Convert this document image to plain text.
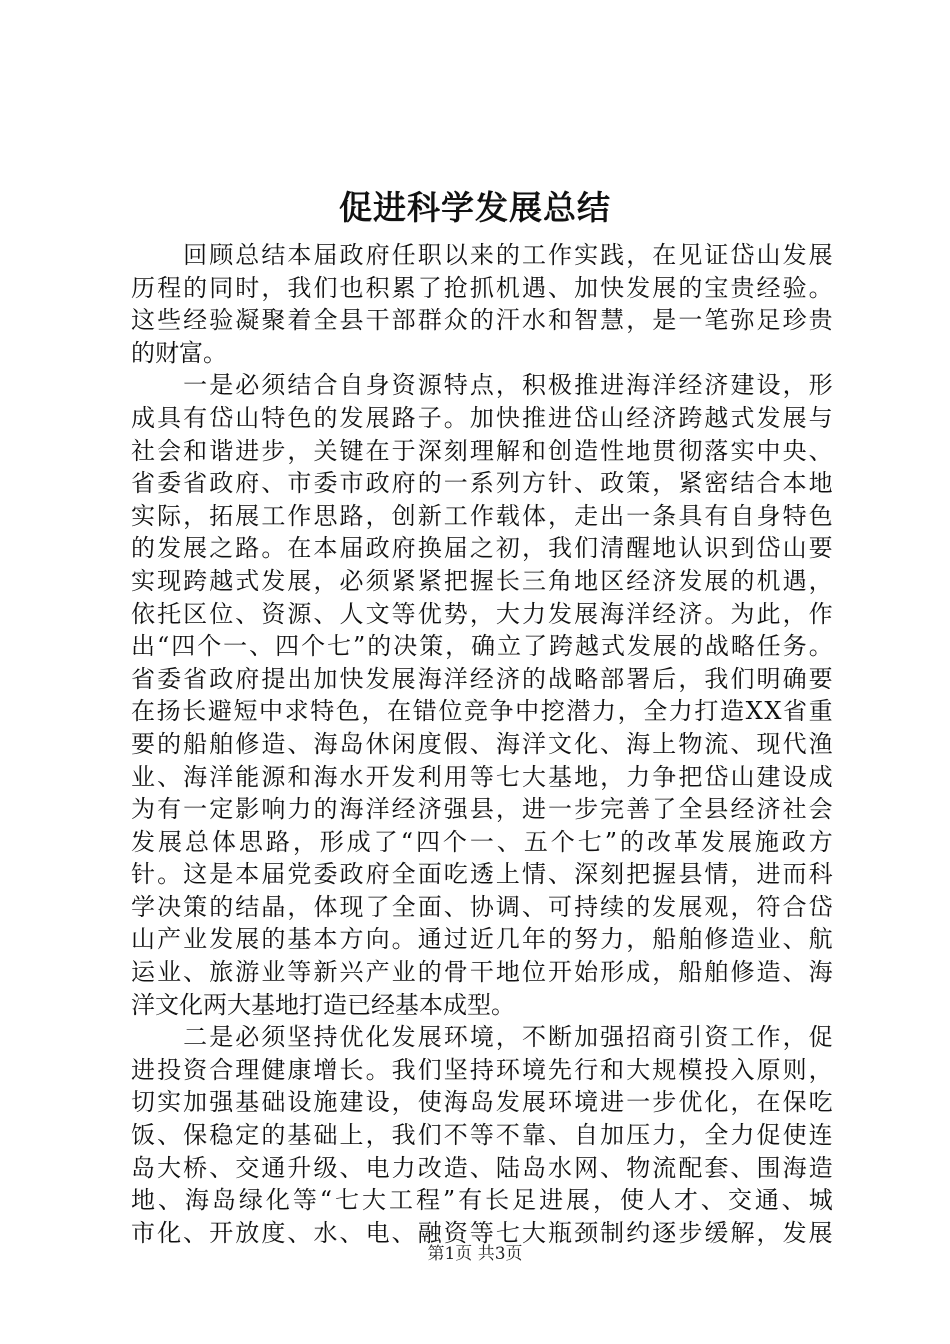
促进科学发展总结

回 顾 总 结 本 届 政 府 任 职 以 来 的 工 作 实 践 ， 在 见 证 岱 山 发 展
历 程 的 同 时 ， 我 们 也 积 累 了 抢 抓 机 遇 、 加 快 发 展 的 宝 贵 经 验 。
这 些 经 验 凝 聚 着 全 县 干 部 群 众 的 汗 水 和 智 慧 ， 是 一 笔 弥 足 珍 贵
的 财 富 。

一 是 必 须 结 合 自 身 资 源 特 点 ， 积 极 推 进 海 洋 经 济 建 设 ， 形
成 具 有 岱 山 特 色 的 发 展 路 子 。 加 快 推 进 岱 山 经 济 跨 越 式 发 展 与
社 会 和 谐 进 步 ， 关 键 在 于 深 刻 理 解 和 创 造 性 地 贯 彻 落 实 中 央 、
省 委 省 政 府 、 市 委 市 政 府 的 一 系 列 方 针 、 政 策 ， 紧 密 结 合 本 地
实 际 ， 拓 展 工 作 思 路 ， 创 新 工 作 载 体 ， 走 出 一 条 具 有 自 身 特 色
的 发 展 之 路 。 在 本 届 政 府 换 届 之 初 ， 我 们 清 醒 地 认 识 到 岱 山 要
实 现 跨 越 式 发 展 ， 必 须 紧 紧 把 握 长 三 角 地 区 经 济 发 展 的 机 遇 ，
依 托 区 位 、 资 源 、 人 文 等 优 势 ， 大 力 发 展 海 洋 经 济 。 为 此 ， 作
出 “ 四 个 一 、 四 个 七 ” 的 决 策 ， 确 立 了 跨 越 式 发 展 的 战 略 任 务 。
省 委 省 政 府 提 出 加 快 发 展 海 洋 经 济 的 战 略 部 署 后 ， 我 们 明 确 要
在 扬 长 避 短 中 求 特 色 ， 在 错 位 竞 争 中 挖 潜 力 ， 全 力 打 造 X X 省 重
要 的 船 舶 修 造 、 海 岛 休 闲 度 假 、 海 洋 文 化 、 海 上 物 流 、 现 代 渔
业 、 海 洋 能 源 和 海 水 开 发 利 用 等 七 大 基 地 ， 力 争 把 岱 山 建 设 成
为 有 一 定 影 响 力 的 海 洋 经 济 强 县 ， 进 一 步 完 善 了 全 县 经 济 社 会
发 展 总 体 思 路 ， 形 成 了 “ 四 个 一 、 五 个 七 ” 的 改 革 发 展 施 政 方
针 。 这 是 本 届 党 委 政 府 全 面 吃 透 上 情 、 深 刻 把 握 县 情 ， 进 而 科
学 决 策 的 结 晶 ， 体 现 了 全 面 、 协 调 、 可 持 续 的 发 展 观 ， 符 合 岱
山 产 业 发 展 的 基 本 方 向 。 通 过 近 几 年 的 努 力 ， 船 舶 修 造 业 、 航
运 业 、 旅 游 业 等 新 兴 产 业 的 骨 干 地 位 开 始 形 成 ， 船 舶 修 造 、 海
洋 文 化 两 大 基 地 打 造 已 经 基 本 成 型 。

二 是 必 须 坚 持 优 化 发 展 环 境 ， 不 断 加 强 招 商 引 资 工 作 ， 促
进 投 资 合 理 健 康 增 长 。 我 们 坚 持 环 境 先 行 和 大 规 模 投 入 原 则 ，
切 实 加 强 基 础 设 施 建 设 ， 使 海 岛 发 展 环 境 进 一 步 优 化 ， 在 保 吃
饭 、 保 稳 定 的 基 础 上 ， 我 们 不 等 不 靠 、 自 加 压 力 ， 全 力 促 使 连
岛 大 桥 、 交 通 升 级 、 电 力 改 造 、 陆 岛 水 网 、 物 流 配 套 、 围 海 造
地 、 海 岛 绿 化 等 “ 七 大 工 程 ” 有 长 足 进 展 ， 使 人 才 、 交 通 、 城
市 化 、 开 放 度 、 水 、 电 、 融 资 等 七 大 瓶 颈 制 约 逐 步 缓 解 ， 发 展
第1页 共3页
